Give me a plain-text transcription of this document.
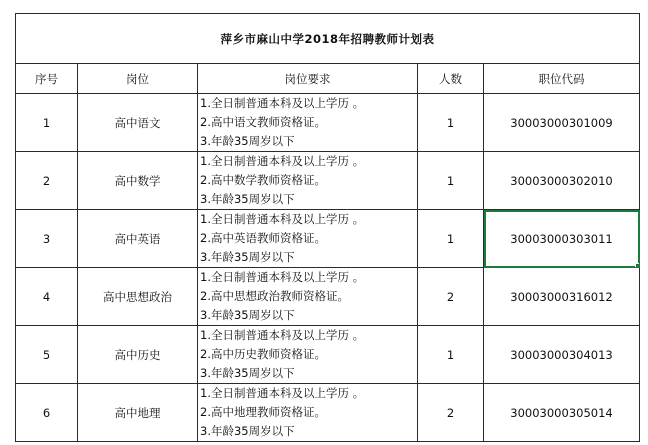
萍乡市麻山中学2018年招聘教师计划表				
序号	岗位	岗位要求	人数	职位代码
1	高中语文	1.全日制普通本科及以上学历 。
2.高中语文教师资格证。
3.年龄35周岁以下	1	30003000301009
2	高中数学	1.全日制普通本科及以上学历 。
2.高中数学教师资格证。
3.年龄35周岁以下	1	30003000302010
3	高中英语	1.全日制普通本科及以上学历 。
2.高中英语教师资格证。
3.年龄35周岁以下	1	30003000303011

4	高中思想政治	1.全日制普通本科及以上学历 。
2.高中思想政治教师资格证。
3.年龄35周岁以下	2	30003000316012
5	高中历史	1.全日制普通本科及以上学历 。
2.高中历史教师资格证。
3.年龄35周岁以下	1	30003000304013
6	高中地理	1.全日制普通本科及以上学历 。
2.高中地理教师资格证。
3.年龄35周岁以下	2	30003000305014
